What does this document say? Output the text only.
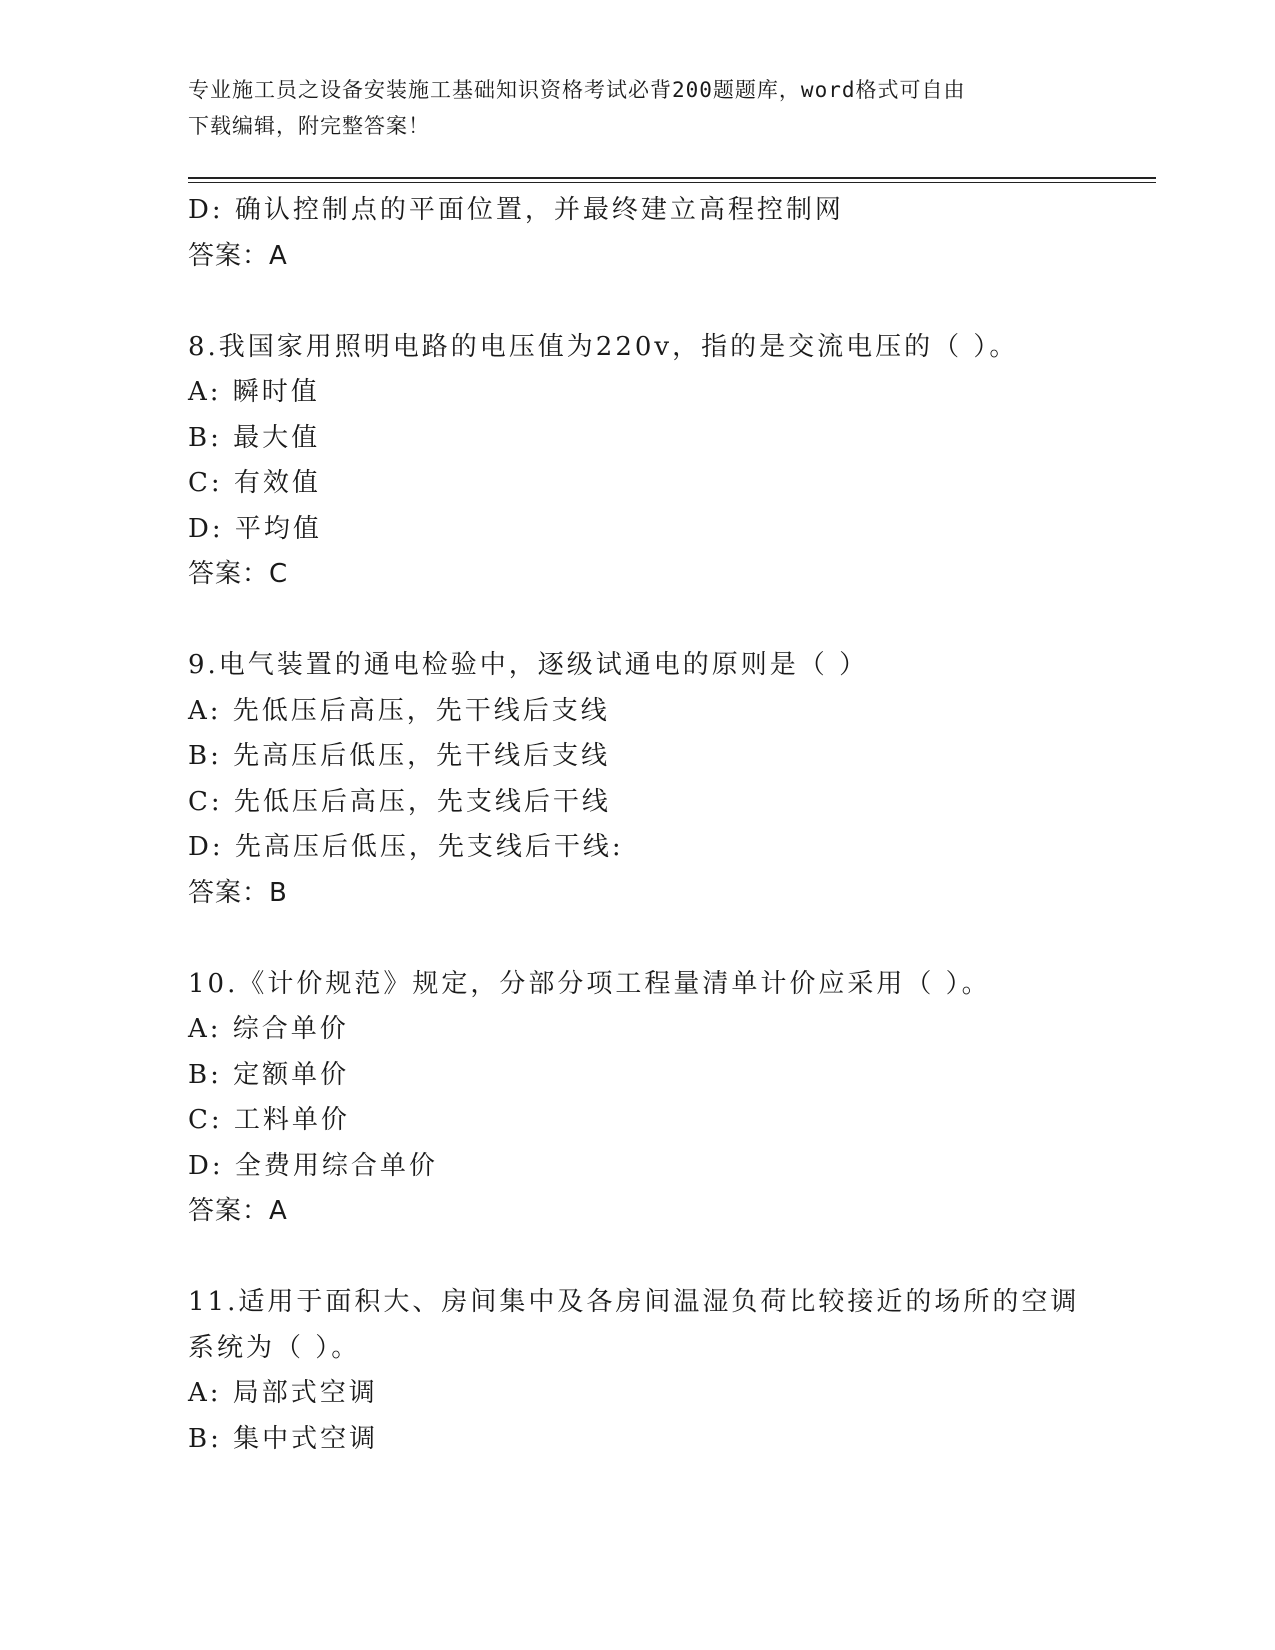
专业施工员之设备安装施工基础知识资格考试必背200题题库，word格式可自由
下载编辑，附完整答案！
D: 确认控制点的平面位置，并最终建立高程控制网
答案：A
8.我国家用照明电路的电压值为220v，指的是交流电压的（ ）。
A: 瞬时值
B: 最大值
C: 有效值
D: 平均值
答案：C
9.电气装置的通电检验中，逐级试通电的原则是（ ）
A: 先低压后高压，先干线后支线
B: 先高压后低压，先干线后支线
C: 先低压后高压，先支线后干线
D: 先高压后低压，先支线后干线:
答案：B
10.《计价规范》规定，分部分项工程量清单计价应采用（ ）。
A: 综合单价
B: 定额单价
C: 工料单价
D: 全费用综合单价
答案：A
11.适用于面积大、房间集中及各房间温湿负荷比较接近的场所的空调
系统为（ ）。
A: 局部式空调
B: 集中式空调
